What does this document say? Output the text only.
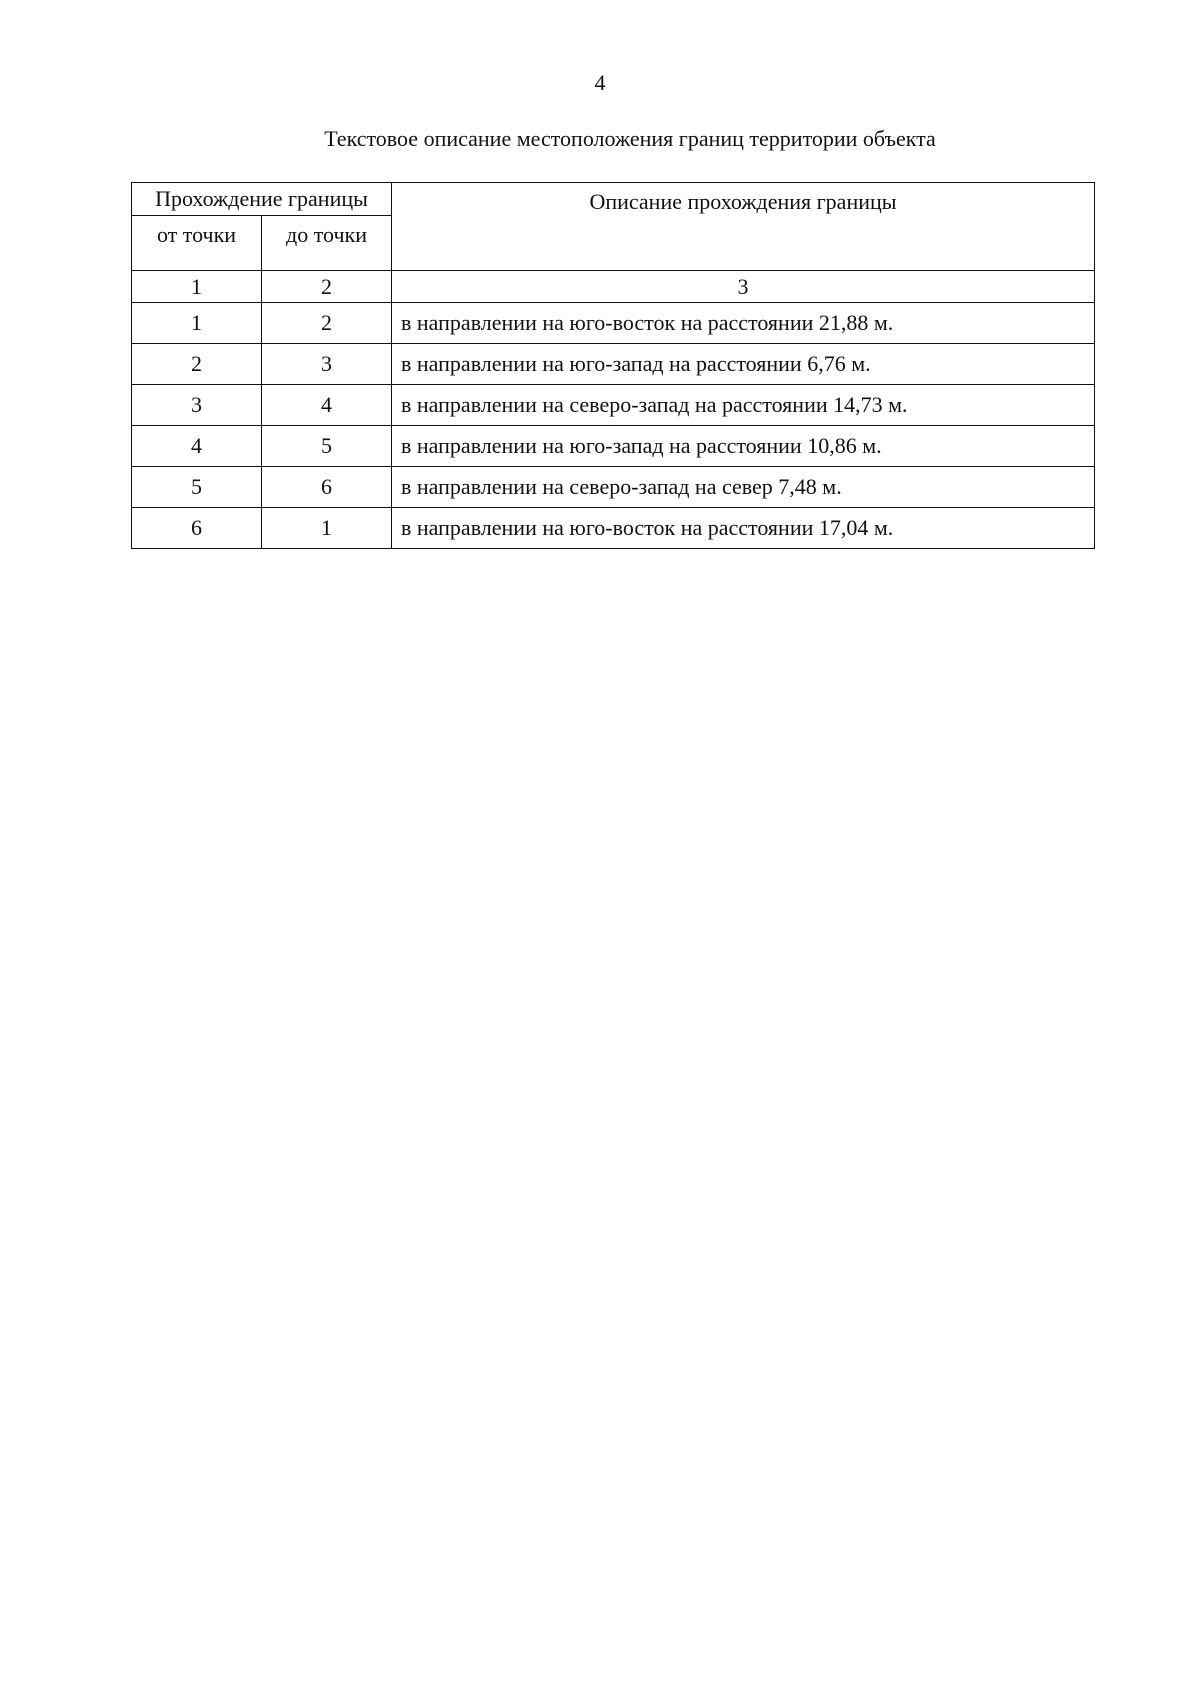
4
Текстовое описание местоположения границ территории объекта
Прохождение границы		Описание прохождения границы
от точки	до точки	
1	2	3
1	2	в направлении на юго-восток на расстоянии 21,88 м.
2	3	в направлении на юго-запад на расстоянии 6,76 м.
3	4	в направлении на северо-запад на расстоянии 14,73 м.
4	5	в направлении на юго-запад на расстоянии 10,86 м.
5	6	в направлении на северо-запад на север 7,48 м.
6	1	в направлении на юго-восток на расстоянии 17,04 м.
